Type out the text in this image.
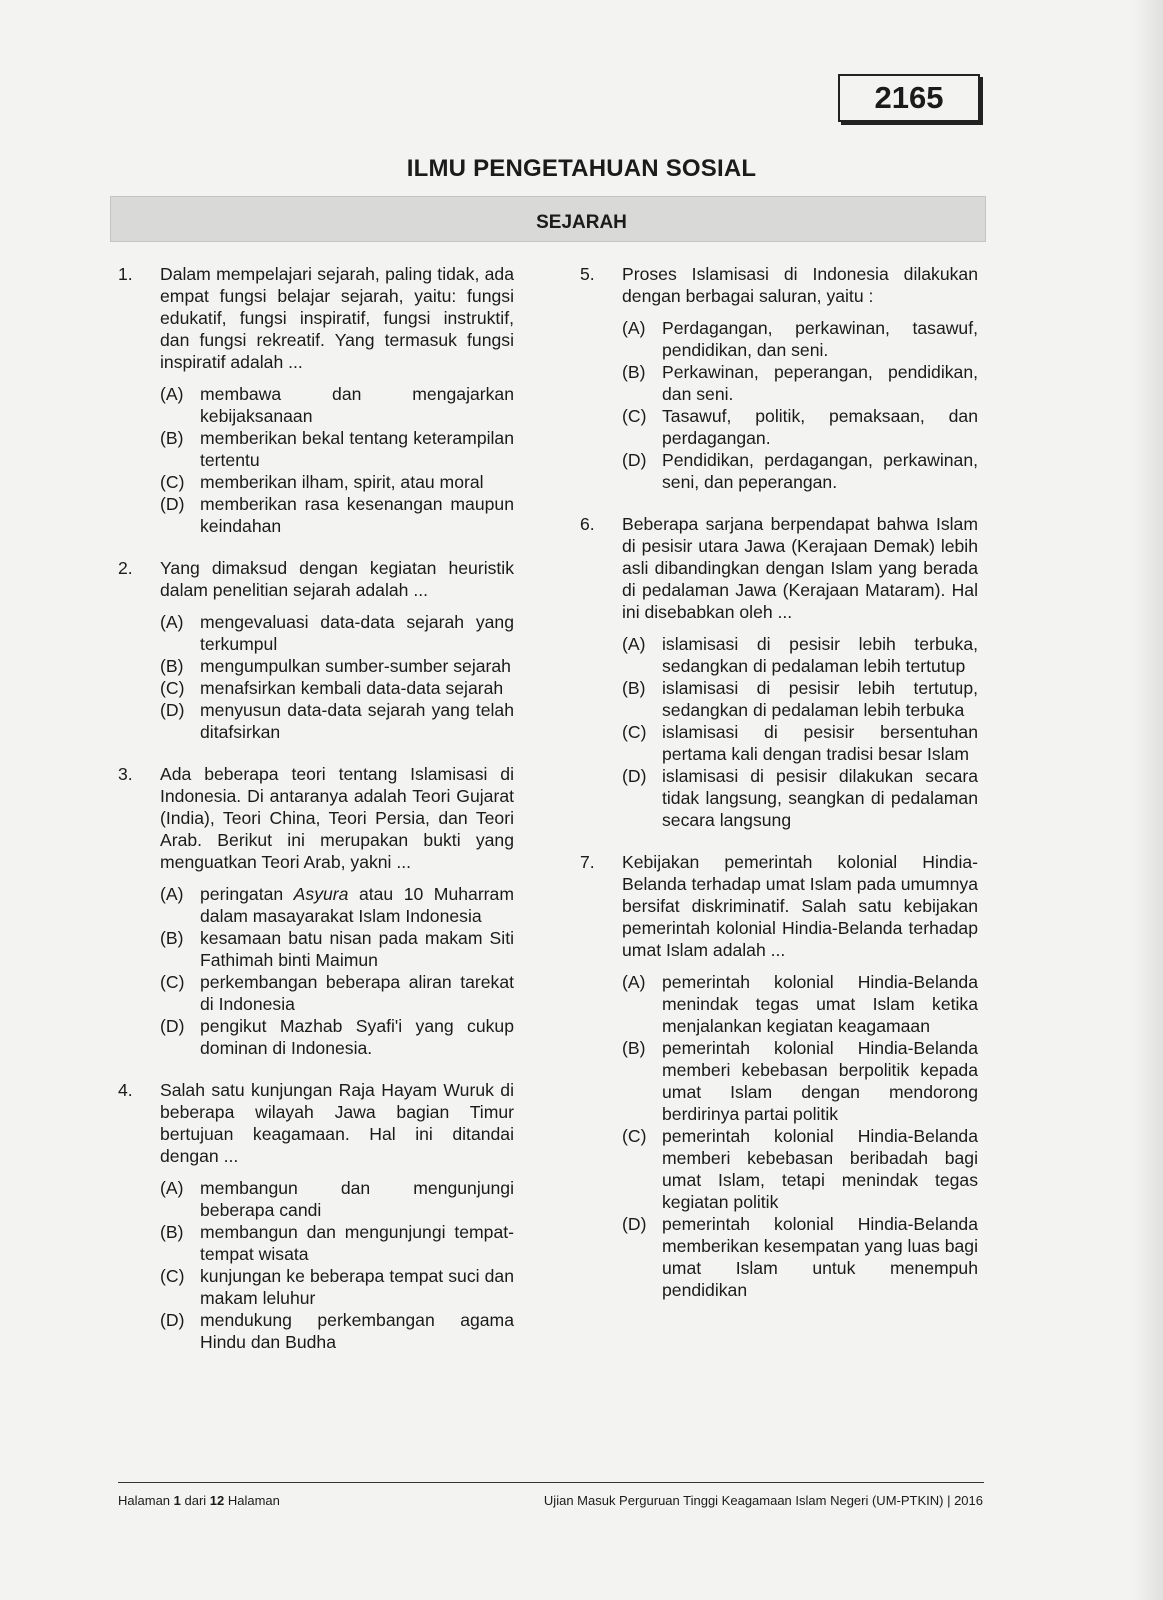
2165
ILMU PENGETAHUAN SOSIAL
SEJARAH
1.	Dalam mempelajari sejarah, paling tidak, ada empat fungsi belajar sejarah, yaitu: fungsi edukatif, fungsi inspiratif, fungsi instruktif, dan fungsi rekreatif. Yang termasuk fungsi inspiratif adalah ...
(A) membawa dan mengajarkan kebijaksanaan
(B) memberikan bekal tentang keterampilan tertentu
(C) memberikan ilham, spirit, atau moral
(D) memberikan rasa kesenangan maupun keindahan
2.	Yang dimaksud dengan kegiatan heuristik dalam penelitian sejarah adalah ...
(A) mengevaluasi data-data sejarah yang terkumpul
(B) mengumpulkan sumber-sumber sejarah
(C) menafsirkan kembali data-data sejarah
(D) menyusun data-data sejarah yang telah ditafsirkan
3.	Ada beberapa teori tentang Islamisasi di Indonesia. Di antaranya adalah Teori Gujarat (India), Teori China, Teori Persia, dan Teori Arab. Berikut ini merupakan bukti yang menguatkan Teori Arab, yakni ...
(A) peringatan Asyura atau 10 Muharram dalam masayarakat Islam Indonesia
(B) kesamaan batu nisan pada makam Siti Fathimah binti Maimun
(C) perkembangan beberapa aliran tarekat di Indonesia
(D) pengikut Mazhab Syafi'i yang cukup dominan di Indonesia.
4.	Salah satu kunjungan Raja Hayam Wuruk di beberapa wilayah Jawa bagian Timur bertujuan keagamaan. Hal ini ditandai dengan ...
(A) membangun dan mengunjungi beberapa candi
(B) membangun dan mengunjungi tempat-tempat wisata
(C) kunjungan ke beberapa tempat suci dan makam leluhur
(D) mendukung perkembangan agama Hindu dan Budha
5.	Proses Islamisasi di Indonesia dilakukan dengan berbagai saluran, yaitu :
(A) Perdagangan, perkawinan, tasawuf, pendidikan, dan seni.
(B) Perkawinan, peperangan, pendidikan, dan seni.
(C) Tasawuf, politik, pemaksaan, dan perdagangan.
(D) Pendidikan, perdagangan, perkawinan, seni, dan peperangan.
6.	Beberapa sarjana berpendapat bahwa Islam di pesisir utara Jawa (Kerajaan Demak) lebih asli dibandingkan dengan Islam yang berada di pedalaman Jawa (Kerajaan Mataram). Hal ini disebabkan oleh ...
(A) islamisasi di pesisir lebih terbuka, sedangkan di pedalaman lebih tertutup
(B) islamisasi di pesisir lebih tertutup, sedangkan di pedalaman lebih terbuka
(C) islamisasi di pesisir bersentuhan pertama kali dengan tradisi besar Islam
(D) islamisasi di pesisir dilakukan secara tidak langsung, seangkan di pedalaman secara langsung
7.	Kebijakan pemerintah kolonial Hindia-Belanda terhadap umat Islam pada umumnya bersifat diskriminatif. Salah satu kebijakan pemerintah kolonial Hindia-Belanda terhadap umat Islam adalah ...
(A) pemerintah kolonial Hindia-Belanda menindak tegas umat Islam ketika menjalankan kegiatan keagamaan
(B) pemerintah kolonial Hindia-Belanda memberi kebebasan berpolitik kepada umat Islam dengan mendorong berdirinya partai politik
(C) pemerintah kolonial Hindia-Belanda memberi kebebasan beribadah bagi umat Islam, tetapi menindak tegas kegiatan politik
(D) pemerintah kolonial Hindia-Belanda memberikan kesempatan yang luas bagi umat Islam untuk menempuh pendidikan
Halaman 1 dari 12 Halaman	Ujian Masuk Perguruan Tinggi Keagamaan Islam Negeri (UM-PTKIN) | 2016
